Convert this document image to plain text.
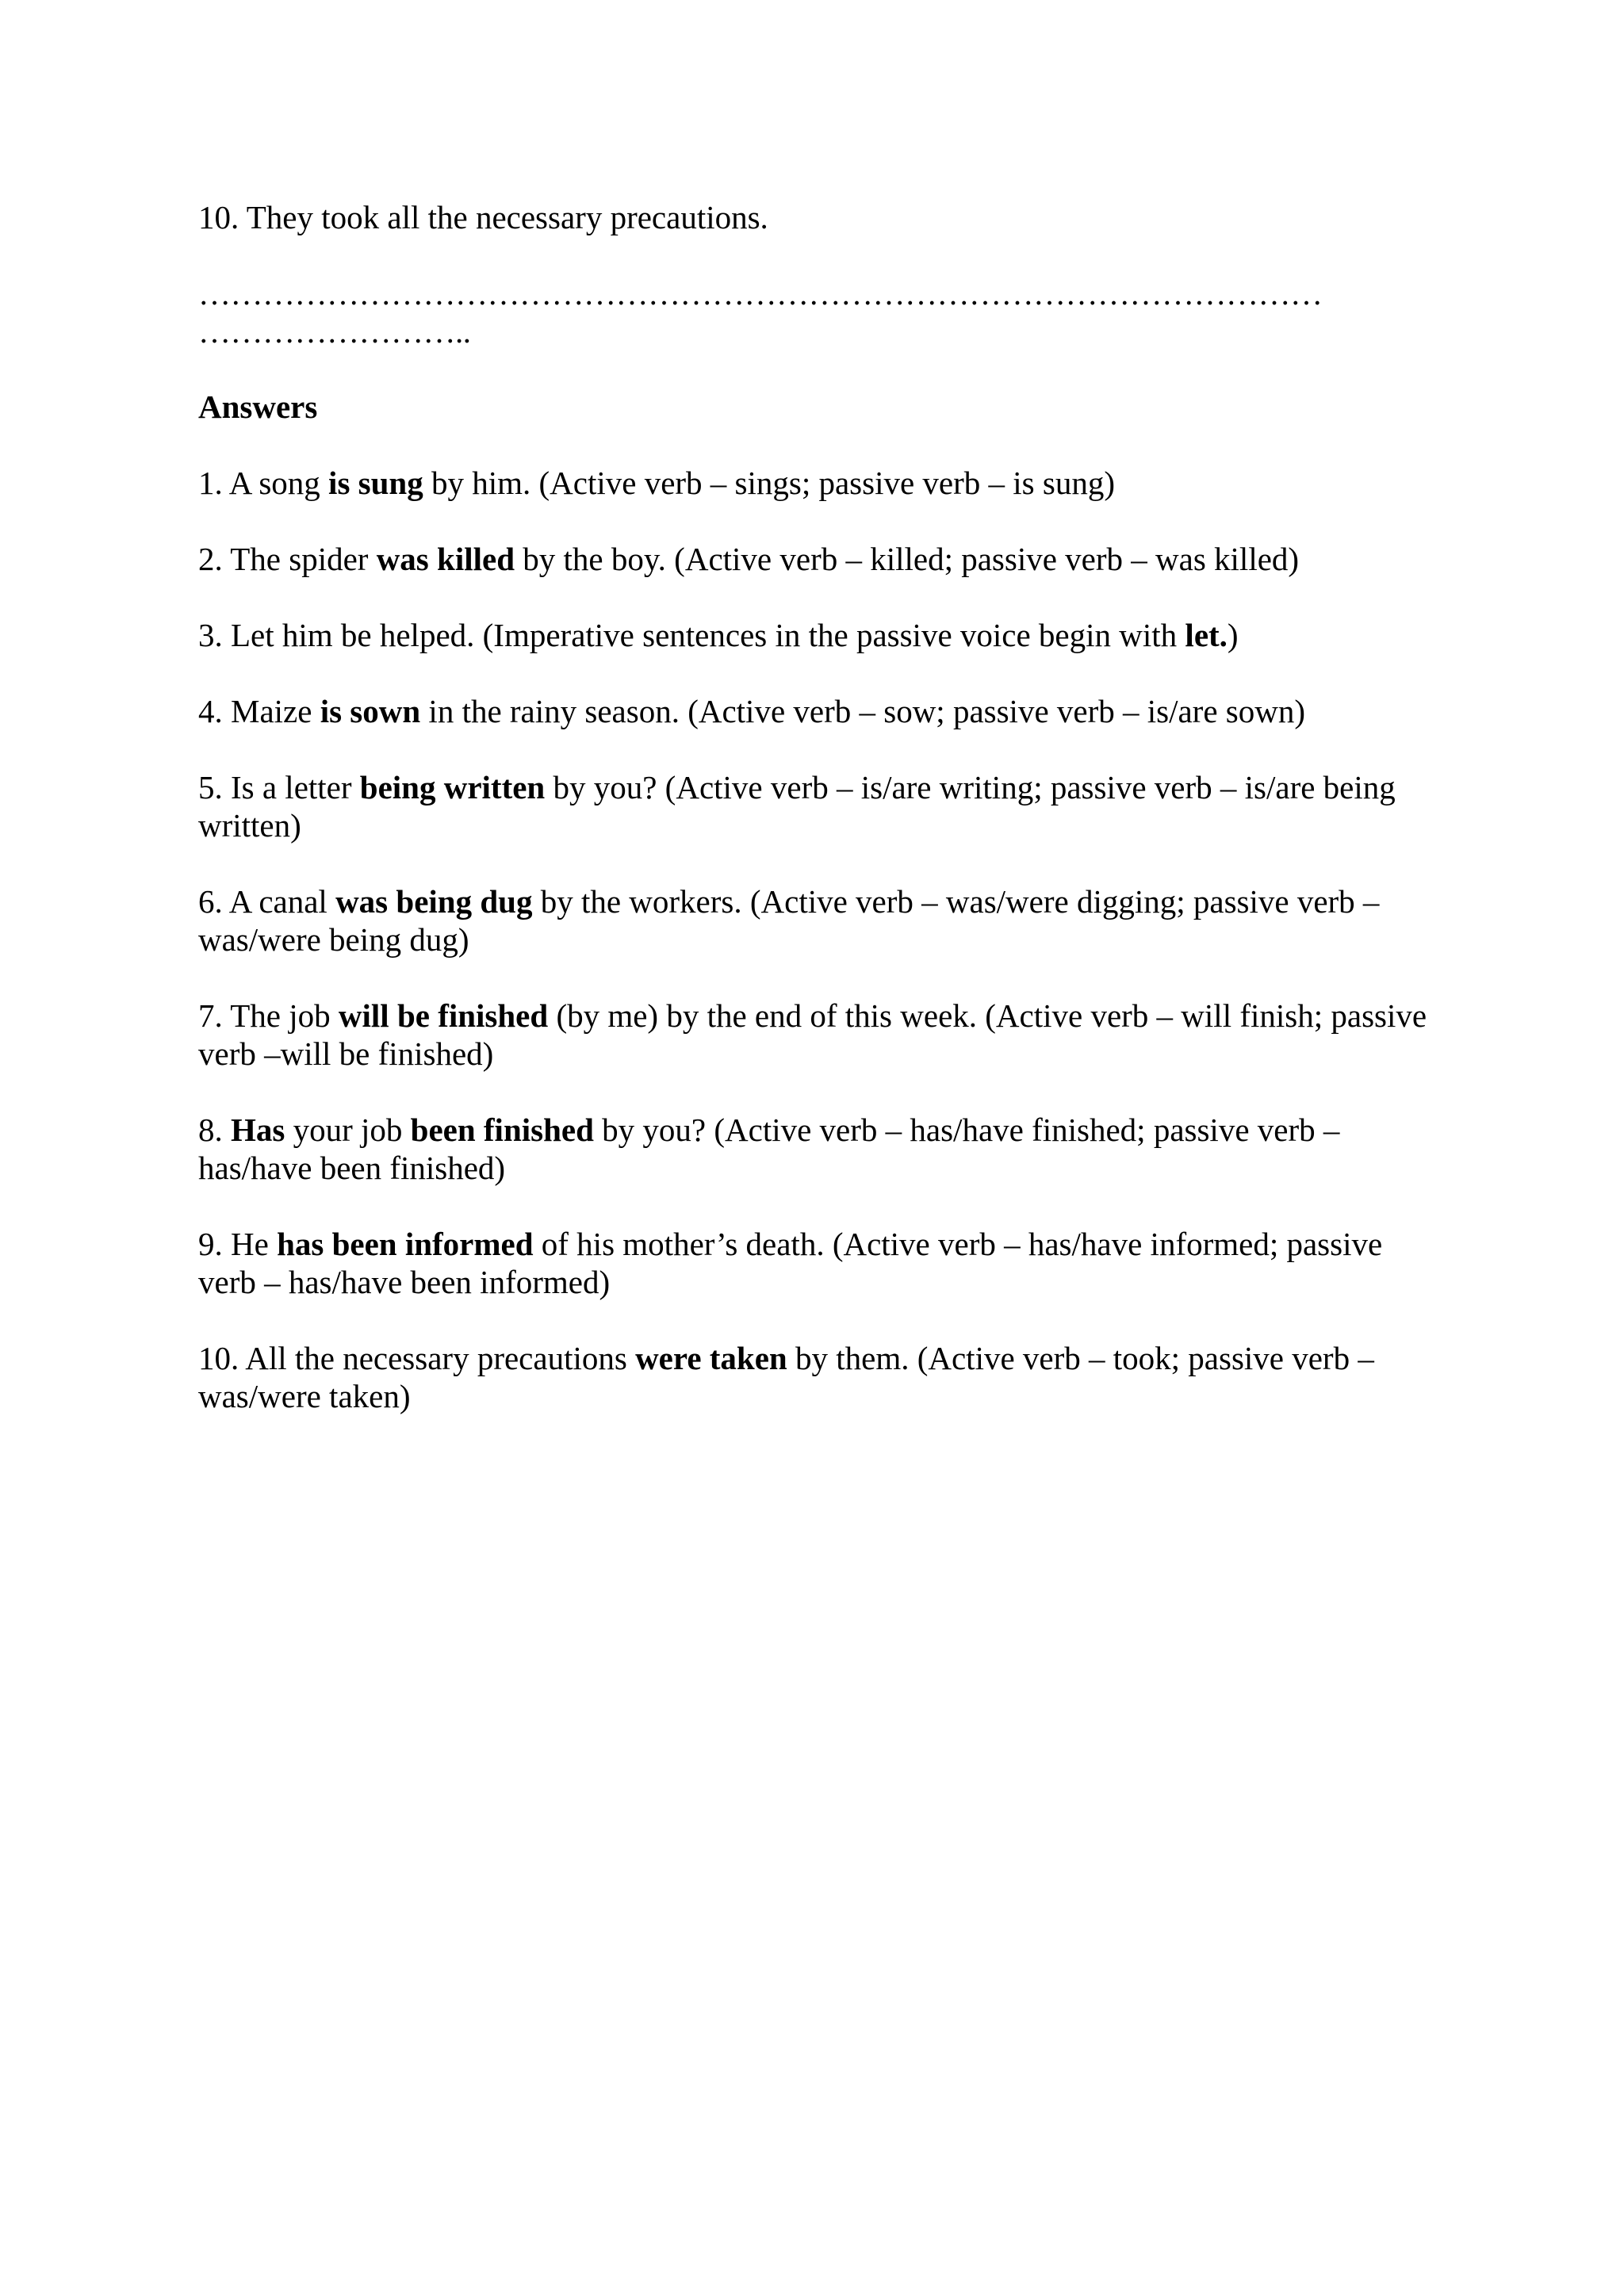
10. They took all the necessary precautions.

……………………………………………………………………………………………
……………………..

Answers

1. A song is sung by him. (Active verb – sings; passive verb – is sung)

2. The spider was killed by the boy. (Active verb – killed; passive verb – was killed)

3. Let him be helped. (Imperative sentences in the passive voice begin with let.)

4. Maize is sown in the rainy season. (Active verb – sow; passive verb – is/are sown)

5. Is a letter being written by you? (Active verb – is/are writing; passive verb – is/are being written)

6. A canal was being dug by the workers. (Active verb – was/were digging; passive verb – was/were being dug)

7. The job will be finished (by me) by the end of this week. (Active verb – will finish; passive verb –will be finished)

8. Has your job been finished by you? (Active verb – has/have finished; passive verb – has/have been finished)

9. He has been informed of his mother’s death. (Active verb – has/have informed; passive verb – has/have been informed)

10. All the necessary precautions were taken by them. (Active verb – took; passive verb – was/were taken)
